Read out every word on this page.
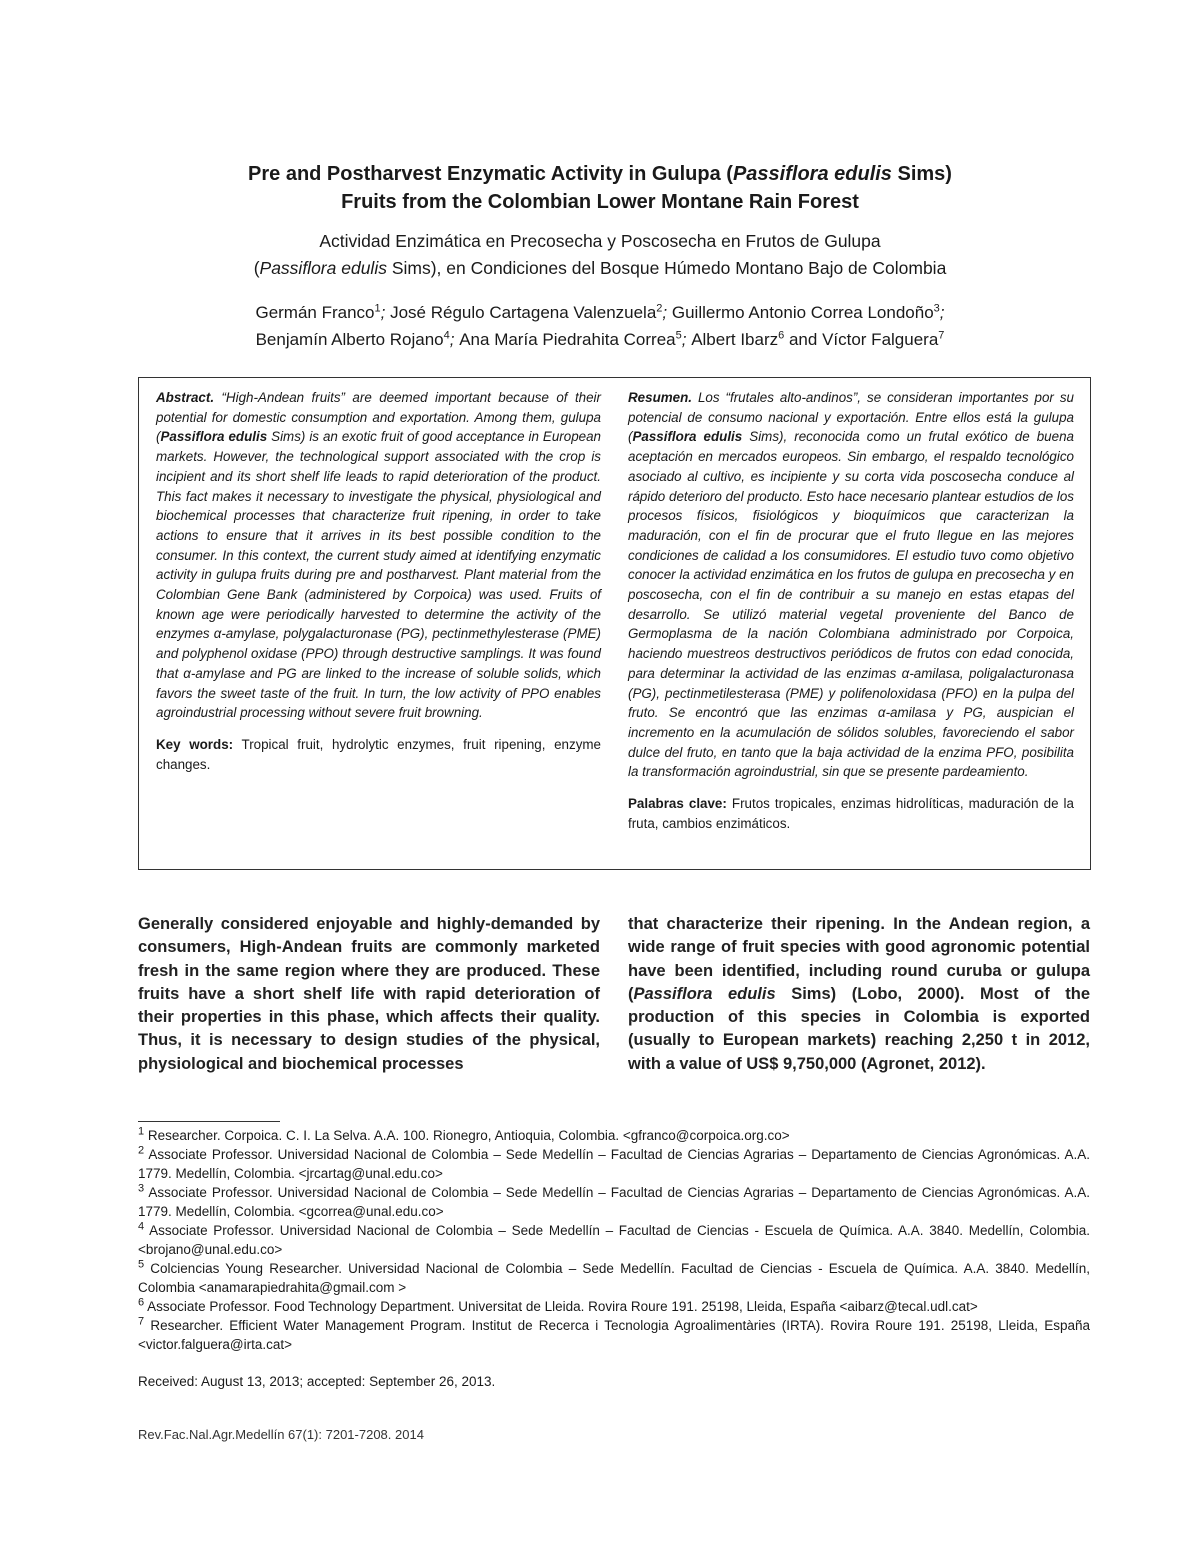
Pre and Postharvest Enzymatic Activity in Gulupa (Passiflora edulis Sims)
Fruits from the Colombian Lower Montane Rain Forest

Actividad Enzimática en Precosecha y Poscosecha en Frutos de Gulupa
(Passiflora edulis Sims), en Condiciones del Bosque Húmedo Montano Bajo de Colombia

Germán Franco$^1$; José Régulo Cartagena Valenzuela$^2$; Guillermo Antonio Correa Londoño$^3$;
Benjamín Alberto Rojano$^4$; Ana María Piedrahita Correa$^5$; Albert Ibarz$^6$ and Víctor Falguera$^7$

Abstract. “High-Andean fruits” are deemed important because of their potential for domestic consumption and exportation. Among them, gulupa (Passiflora edulis Sims) is an exotic fruit of good acceptance in European markets. However, the technological support associated with the crop is incipient and its short shelf life leads to rapid deterioration of the product. This fact makes it necessary to investigate the physical, physiological and biochemical processes that characterize fruit ripening, in order to take actions to ensure that it arrives in its best possible condition to the consumer. In this context, the current study aimed at identifying enzymatic activity in gulupa fruits during pre and postharvest. Plant material from the Colombian Gene Bank (administered by Corpoica) was used. Fruits of known age were periodically harvested to determine the activity of the enzymes α-amylase, polygalacturonase (PG), pectinmethylesterase (PME) and polyphenol oxidase (PPO) through destructive samplings. It was found that α-amylase and PG are linked to the increase of soluble solids, which favors the sweet taste of the fruit. In turn, the low activity of PPO enables agroindustrial processing without severe fruit browning.

Key words: Tropical fruit, hydrolytic enzymes, fruit ripening, enzyme changes.

Resumen. Los “frutales alto-andinos”, se consideran importantes por su potencial de consumo nacional y exportación. Entre ellos está la gulupa (Passiflora edulis Sims), reconocida como un frutal exótico de buena aceptación en mercados europeos. Sin embargo, el respaldo tecnológico asociado al cultivo, es incipiente y su corta vida poscosecha conduce al rápido deterioro del producto. Esto hace necesario plantear estudios de los procesos físicos, fisiológicos y bioquímicos que caracterizan la maduración, con el fin de procurar que el fruto llegue en las mejores condiciones de calidad a los consumidores. El estudio tuvo como objetivo conocer la actividad enzimática en los frutos de gulupa en precosecha y en poscosecha, con el fin de contribuir a su manejo en estas etapas del desarrollo. Se utilizó material vegetal proveniente del Banco de Germoplasma de la nación Colombiana administrado por Corpoica, haciendo muestreos destructivos periódicos de frutos con edad conocida, para determinar la actividad de las enzimas α-amilasa, poligalacturonasa (PG), pectinmetilesterasa (PME) y polifenoloxidasa (PFO) en la pulpa del fruto. Se encontró que las enzimas α-amilasa y PG, auspician el incremento en la acumulación de sólidos solubles, favoreciendo el sabor dulce del fruto, en tanto que la baja actividad de la enzima PFO, posibilita la transformación agroindustrial, sin que se presente pardeamiento.

Palabras clave: Frutos tropicales, enzimas hidrolíticas, maduración de la fruta, cambios enzimáticos.

Generally considered enjoyable and highly-demanded by consumers, High-Andean fruits are commonly marketed fresh in the same region where they are produced. These fruits have a short shelf life with rapid deterioration of their properties in this phase, which affects their quality. Thus, it is necessary to design studies of the physical, physiological and biochemical processes

that characterize their ripening. In the Andean region, a wide range of fruit species with good agronomic potential have been identified, including round curuba or gulupa (Passiflora edulis Sims) (Lobo, 2000). Most of the production of this species in Colombia is exported (usually to European markets) reaching 2,250 t in 2012, with a value of US$ 9,750,000 (Agronet, 2012).

$^1$ Researcher. Corpoica. C. I. La Selva. A.A. 100. Rionegro, Antioquia, Colombia. <gfranco@corpoica.org.co>

$^2$ Associate Professor. Universidad Nacional de Colombia – Sede Medellín – Facultad de Ciencias Agrarias – Departamento de Ciencias Agronómicas. A.A. 1779. Medellín, Colombia. <jrcartag@unal.edu.co>

$^3$ Associate Professor. Universidad Nacional de Colombia – Sede Medellín – Facultad de Ciencias Agrarias – Departamento de Ciencias Agronómicas. A.A. 1779. Medellín, Colombia. <gcorrea@unal.edu.co>

$^4$ Associate Professor. Universidad Nacional de Colombia – Sede Medellín – Facultad de Ciencias - Escuela de Química. A.A. 3840. Medellín, Colombia. <brojano@unal.edu.co>

$^5$ Colciencias Young Researcher. Universidad Nacional de Colombia – Sede Medellín. Facultad de Ciencias - Escuela de Química. A.A. 3840. Medellín, Colombia <anamarapiedrahita@gmail.com >

$^6$ Associate Professor. Food Technology Department. Universitat de Lleida. Rovira Roure 191. 25198, Lleida, España <aibarz@tecal.udl.cat>

$^7$ Researcher. Efficient Water Management Program. Institut de Recerca i Tecnologia Agroalimentàries (IRTA). Rovira Roure 191. 25198, Lleida, España <victor.falguera@irta.cat>

Received: August 13, 2013; accepted: September 26, 2013.
Rev.Fac.Nal.Agr.Medellín 67(1): 7201-7208. 2014
